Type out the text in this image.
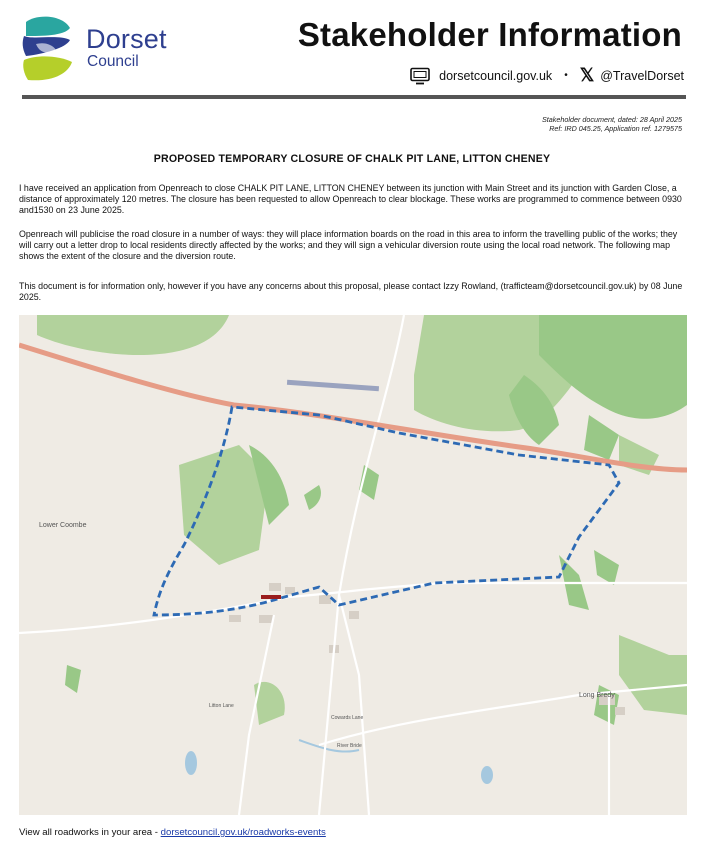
Dorset
Council
Stakeholder Information
dorsetcouncil.gov.uk • 𝕏 @TravelDorset
Stakeholder document, dated: 28 April 2025
Ref: IRD 045.25, Application ref. 1279575
PROPOSED TEMPORARY CLOSURE OF CHALK PIT LANE, LITTON CHENEY
I have received an application from Openreach to close CHALK PIT LANE, LITTON CHENEY between its junction with Main Street and its junction with Garden Close, a distance of approximately 120 metres. The closure has been requested to allow Openreach to clear blockage. These works are programmed to commence between 0930 and1530 on 23 June 2025.
Openreach will publicise the road closure in a number of ways: they will place information boards on the road in this area to inform the travelling public of the works; they will carry out a letter drop to local residents directly affected by the works; and they will sign a vehicular diversion route using the local road network. The following map shows the extent of the closure and the diversion route.
This document is for information only, however if you have any concerns about this proposal, please contact Izzy Rowland, (trafficteam@dorsetcouncil.gov.uk) by 08 June 2025.
Lower Coombe
Long Bredy
Litton Lane
Cowards Lane
River Bride
View all roadworks in your area - dorsetcouncil.gov.uk/roadworks-events
